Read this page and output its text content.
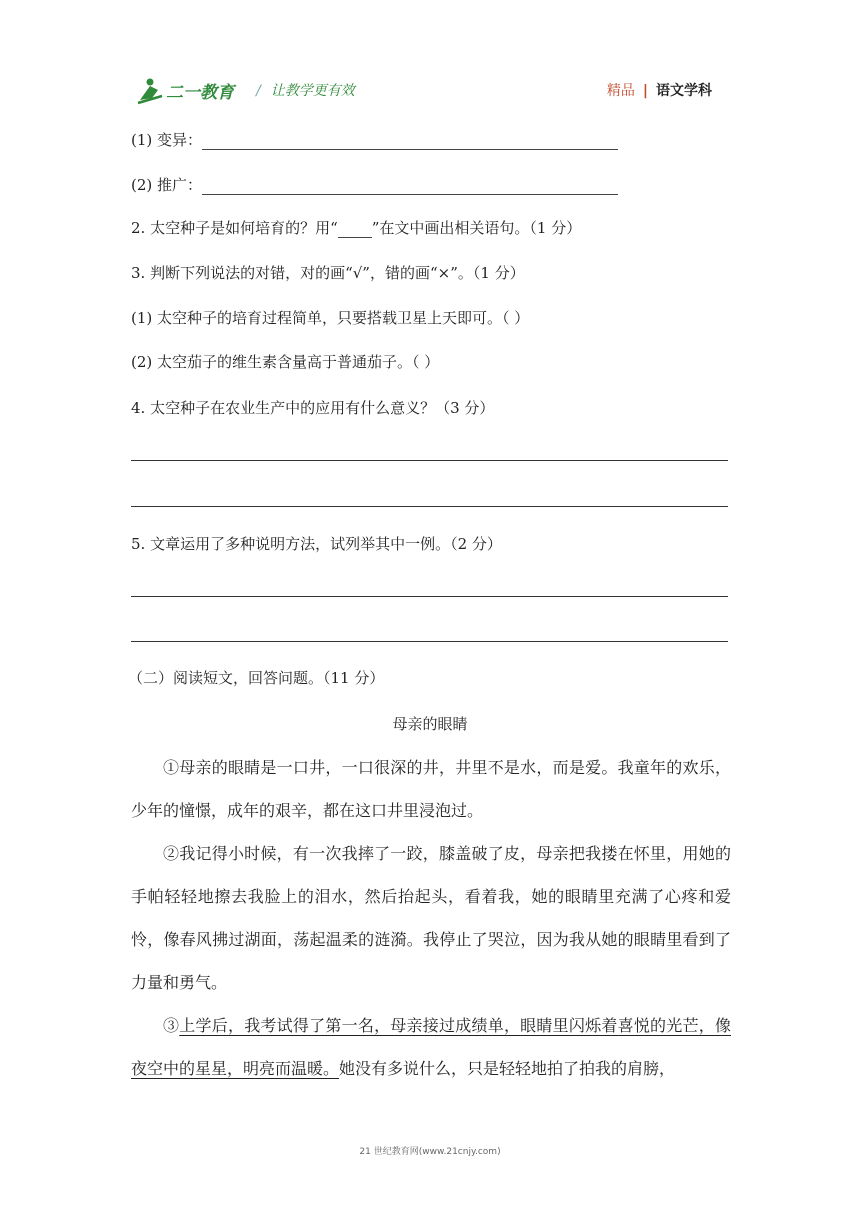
二一教育 / 让教学更有效	精品 | 语文学科
(1) 变异：
(2) 推广：
2. 太空种子是如何培育的？用“ ”在文中画出相关语句。（1 分）
3. 判断下列说法的对错，对的画“√”，错的画“×”。（1 分）
(1) 太空种子的培育过程简单，只要搭载卫星上天即可。（ ）
(2) 太空茄子的维生素含量高于普通茄子。（ ）
4. 太空种子在农业生产中的应用有什么意义？（3 分）
5. 文章运用了多种说明方法，试列举其中一例。（2 分）
（二）阅读短文，回答问题。（11 分）
母亲的眼睛

①母亲的眼睛是一口井，一口很深的井，井里不是水，而是爱。我童年的欢乐，少年的憧憬，成年的艰辛，都在这口井里浸泡过。

②我记得小时候，有一次我摔了一跤，膝盖破了皮，母亲把我搂在怀里，用她的手帕轻轻地擦去我脸上的泪水，然后抬起头，看着我，她的眼睛里充满了心疼和爱怜，像春风拂过湖面，荡起温柔的涟漪。我停止了哭泣，因为我从她的眼睛里看到了力量和勇气。

③上学后，我考试得了第一名，母亲接过成绩单，眼睛里闪烁着喜悦的光芒，像夜空中的星星，明亮而温暖。她没有多说什么，只是轻轻地拍了拍我的肩膀，

21 世纪教育网(www.21cnjy.com)
